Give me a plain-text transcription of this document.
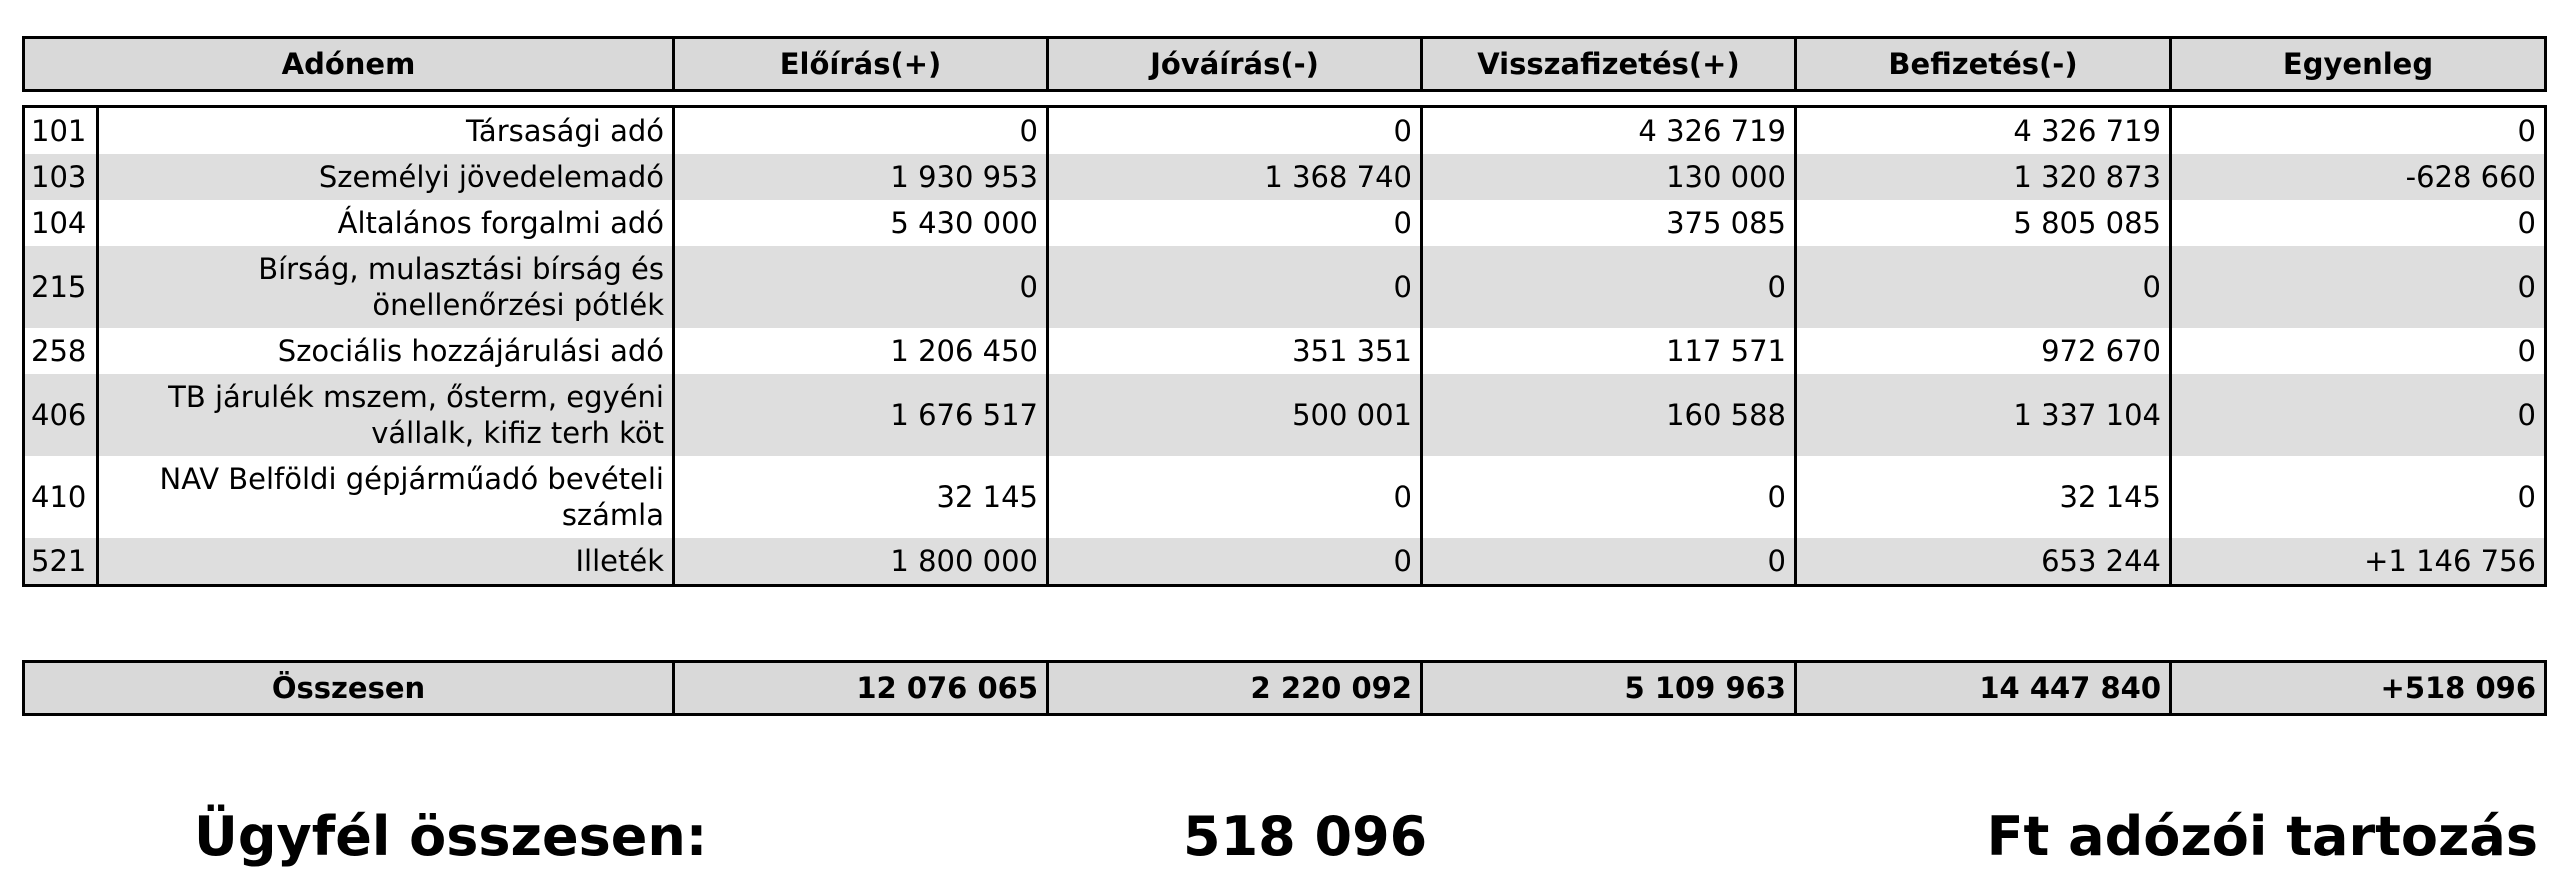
Adónem	Előírás(+)	Jóváírás(-)	Visszafizetés(+)	Befizetés(-)	Egyenleg
101	Társasági adó	0	0	4 326 719	4 326 719	0
103	Személyi jövedelemadó	1 930 953	1 368 740	130 000	1 320 873	-628 660
104	Általános forgalmi adó	5 430 000	0	375 085	5 805 085	0
215	Bírság, mulasztási bírság és önellenőrzési pótlék	0	0	0	0	0
258	Szociális hozzájárulási adó	1 206 450	351 351	117 571	972 670	0
406	TB járulék mszem, ősterm, egyéni vállalk, kifiz terh köt	1 676 517	500 001	160 588	1 337 104	0
410	NAV Belföldi gépjárműadó bevételi számla	32 145	0	0	32 145	0
521	Illeték	1 800 000	0	0	653 244	+1 146 756
Összesen	12 076 065	2 220 092	5 109 963	14 447 840	+518 096
Ügyfél összesen:	518 096	Ft adózói tartozás
